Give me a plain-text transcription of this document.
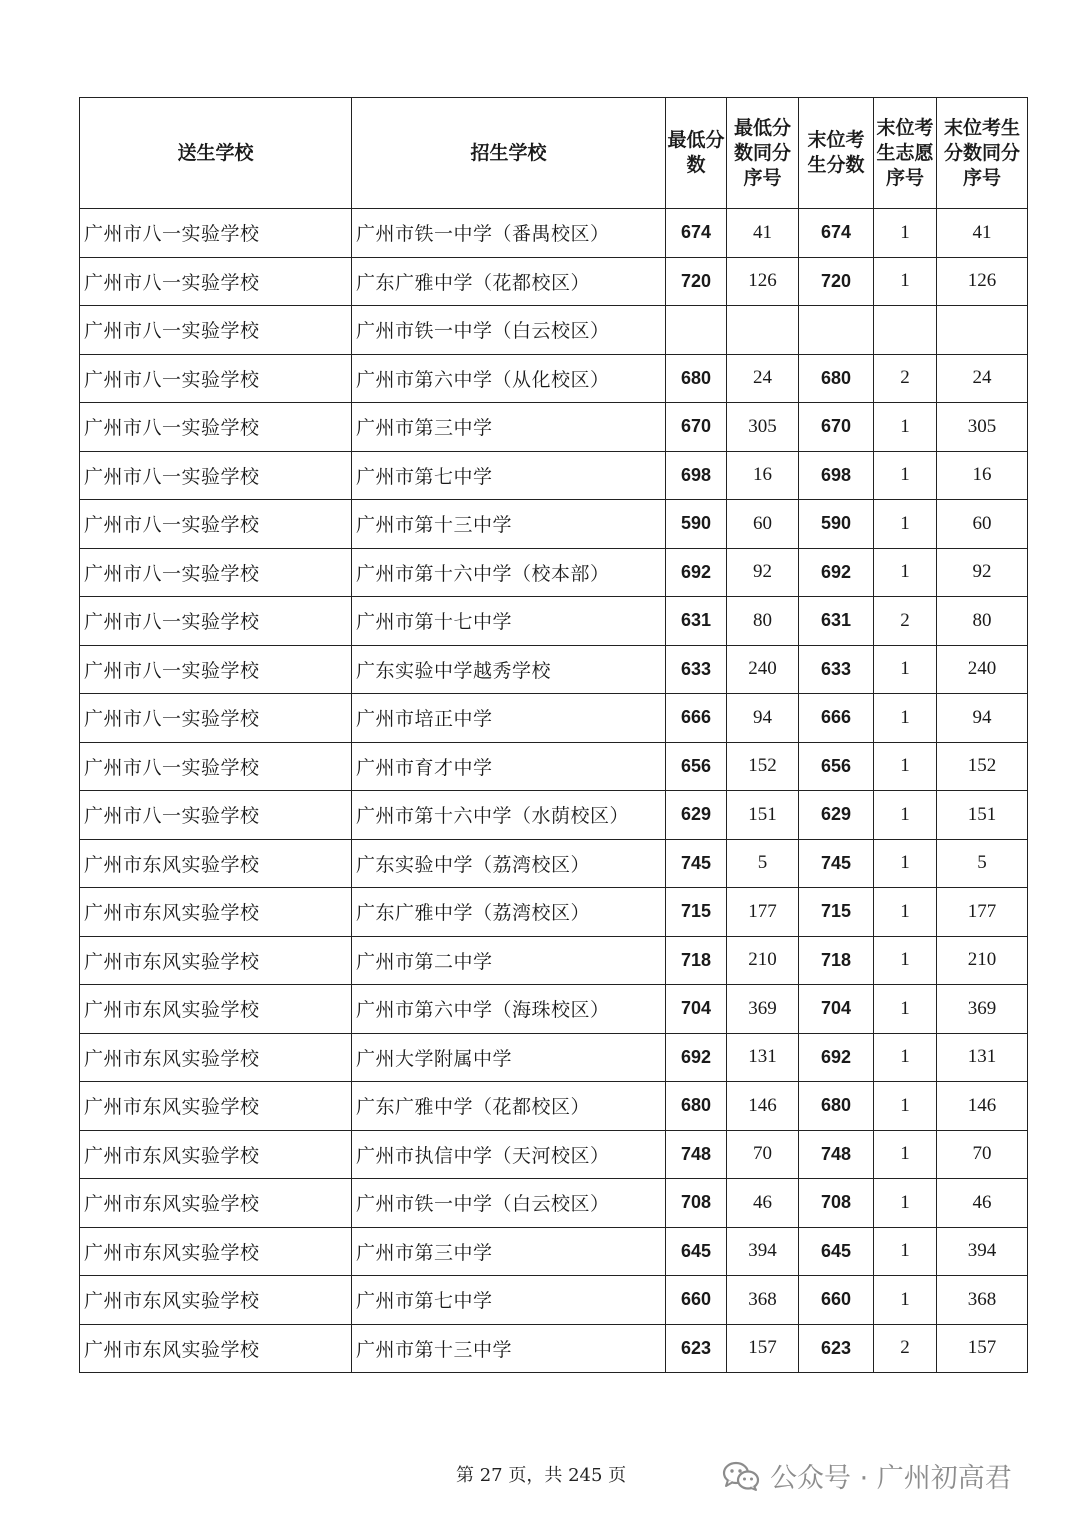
送生学校	招生学校	最低分数	最低分数同分序号	末位考生分数	末位考生志愿序号	末位考生分数同分序号
广州市八一实验学校	广州市铁一中学（番禺校区）	674	41	674	1	41
广州市八一实验学校	广东广雅中学（花都校区）	720	126	720	1	126
广州市八一实验学校	广州市铁一中学（白云校区）					
广州市八一实验学校	广州市第六中学（从化校区）	680	24	680	2	24
广州市八一实验学校	广州市第三中学	670	305	670	1	305
广州市八一实验学校	广州市第七中学	698	16	698	1	16
广州市八一实验学校	广州市第十三中学	590	60	590	1	60
广州市八一实验学校	广州市第十六中学（校本部）	692	92	692	1	92
广州市八一实验学校	广州市第十七中学	631	80	631	2	80
广州市八一实验学校	广东实验中学越秀学校	633	240	633	1	240
广州市八一实验学校	广州市培正中学	666	94	666	1	94
广州市八一实验学校	广州市育才中学	656	152	656	1	152
广州市八一实验学校	广州市第十六中学（水荫校区）	629	151	629	1	151
广州市东风实验学校	广东实验中学（荔湾校区）	745	5	745	1	5
广州市东风实验学校	广东广雅中学（荔湾校区）	715	177	715	1	177
广州市东风实验学校	广州市第二中学	718	210	718	1	210
广州市东风实验学校	广州市第六中学（海珠校区）	704	369	704	1	369
广州市东风实验学校	广州大学附属中学	692	131	692	1	131
广州市东风实验学校	广东广雅中学（花都校区）	680	146	680	1	146
广州市东风实验学校	广州市执信中学（天河校区）	748	70	748	1	70
广州市东风实验学校	广州市铁一中学（白云校区）	708	46	708	1	46
广州市东风实验学校	广州市第三中学	645	394	645	1	394
广州市东风实验学校	广州市第七中学	660	368	660	1	368
广州市东风实验学校	广州市第十三中学	623	157	623	2	157
第 27 页，共 245 页	公众号 · 广州初高君
